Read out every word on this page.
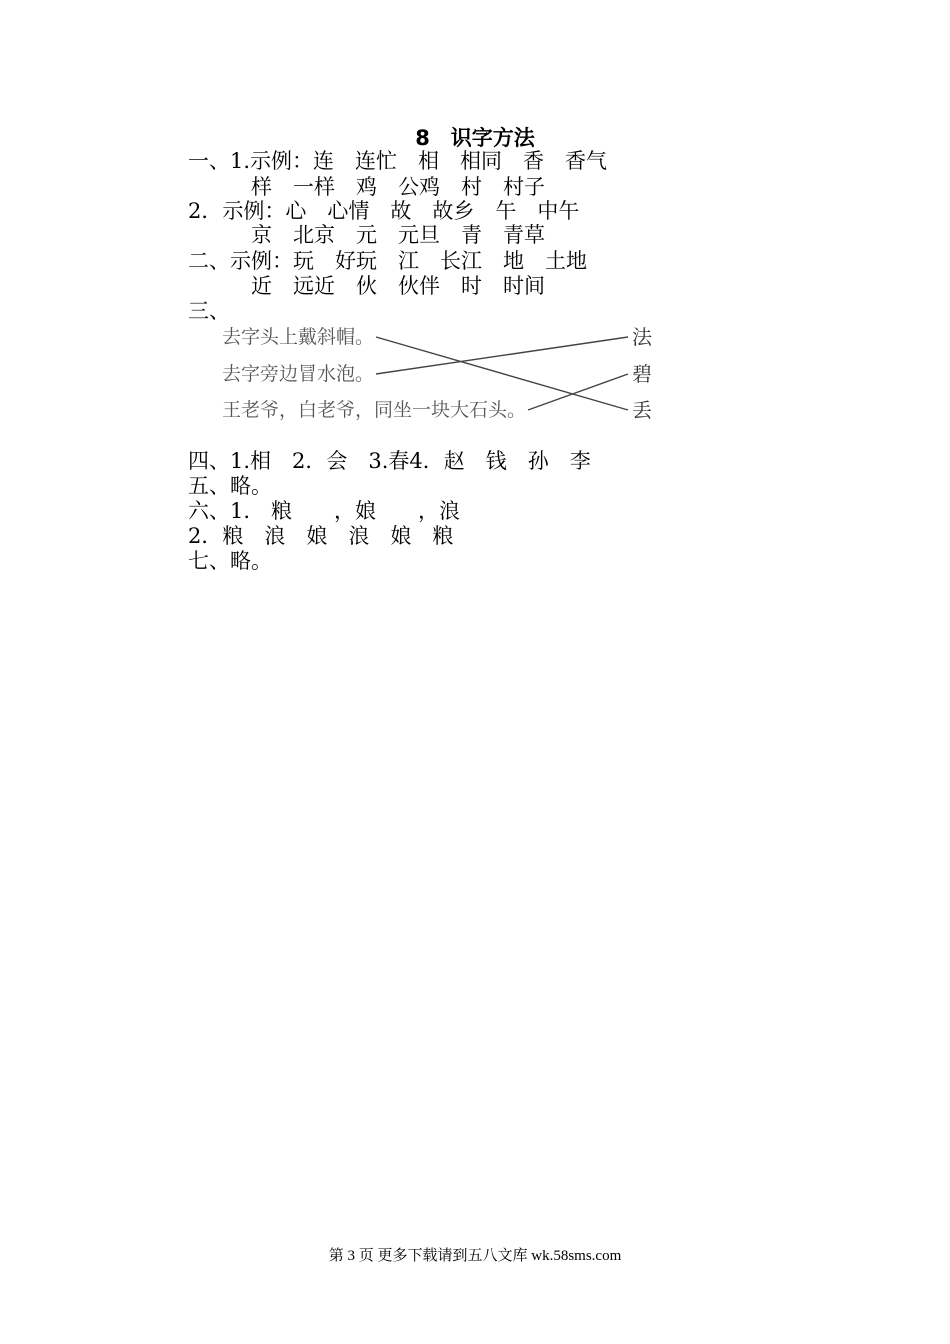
8　识字方法
一、1.示例：连　连忙　相　相同　香　香气
　　　样　一样　鸡　公鸡　村　村子
2．示例：心　心情　故　故乡　午　中午
　　　京　北京　元　元旦　青　青草
二、示例：玩　好玩　江　长江　地　土地
　　　近　远近　伙　伙伴　时　时间
三、
去字头上戴斜帽。
去字旁边冒水泡。
王老爷，白老爷，同坐一块大石头。
法
碧
丢
四、1.相　2．会　3.春4．赵　钱　孙　李
五、略。
六、1.　粮　　，娘　　，浪
2．粮　浪　娘　浪　娘　粮
七、略。
第 3 页 更多下载请到五八文库 wk.58sms.com
